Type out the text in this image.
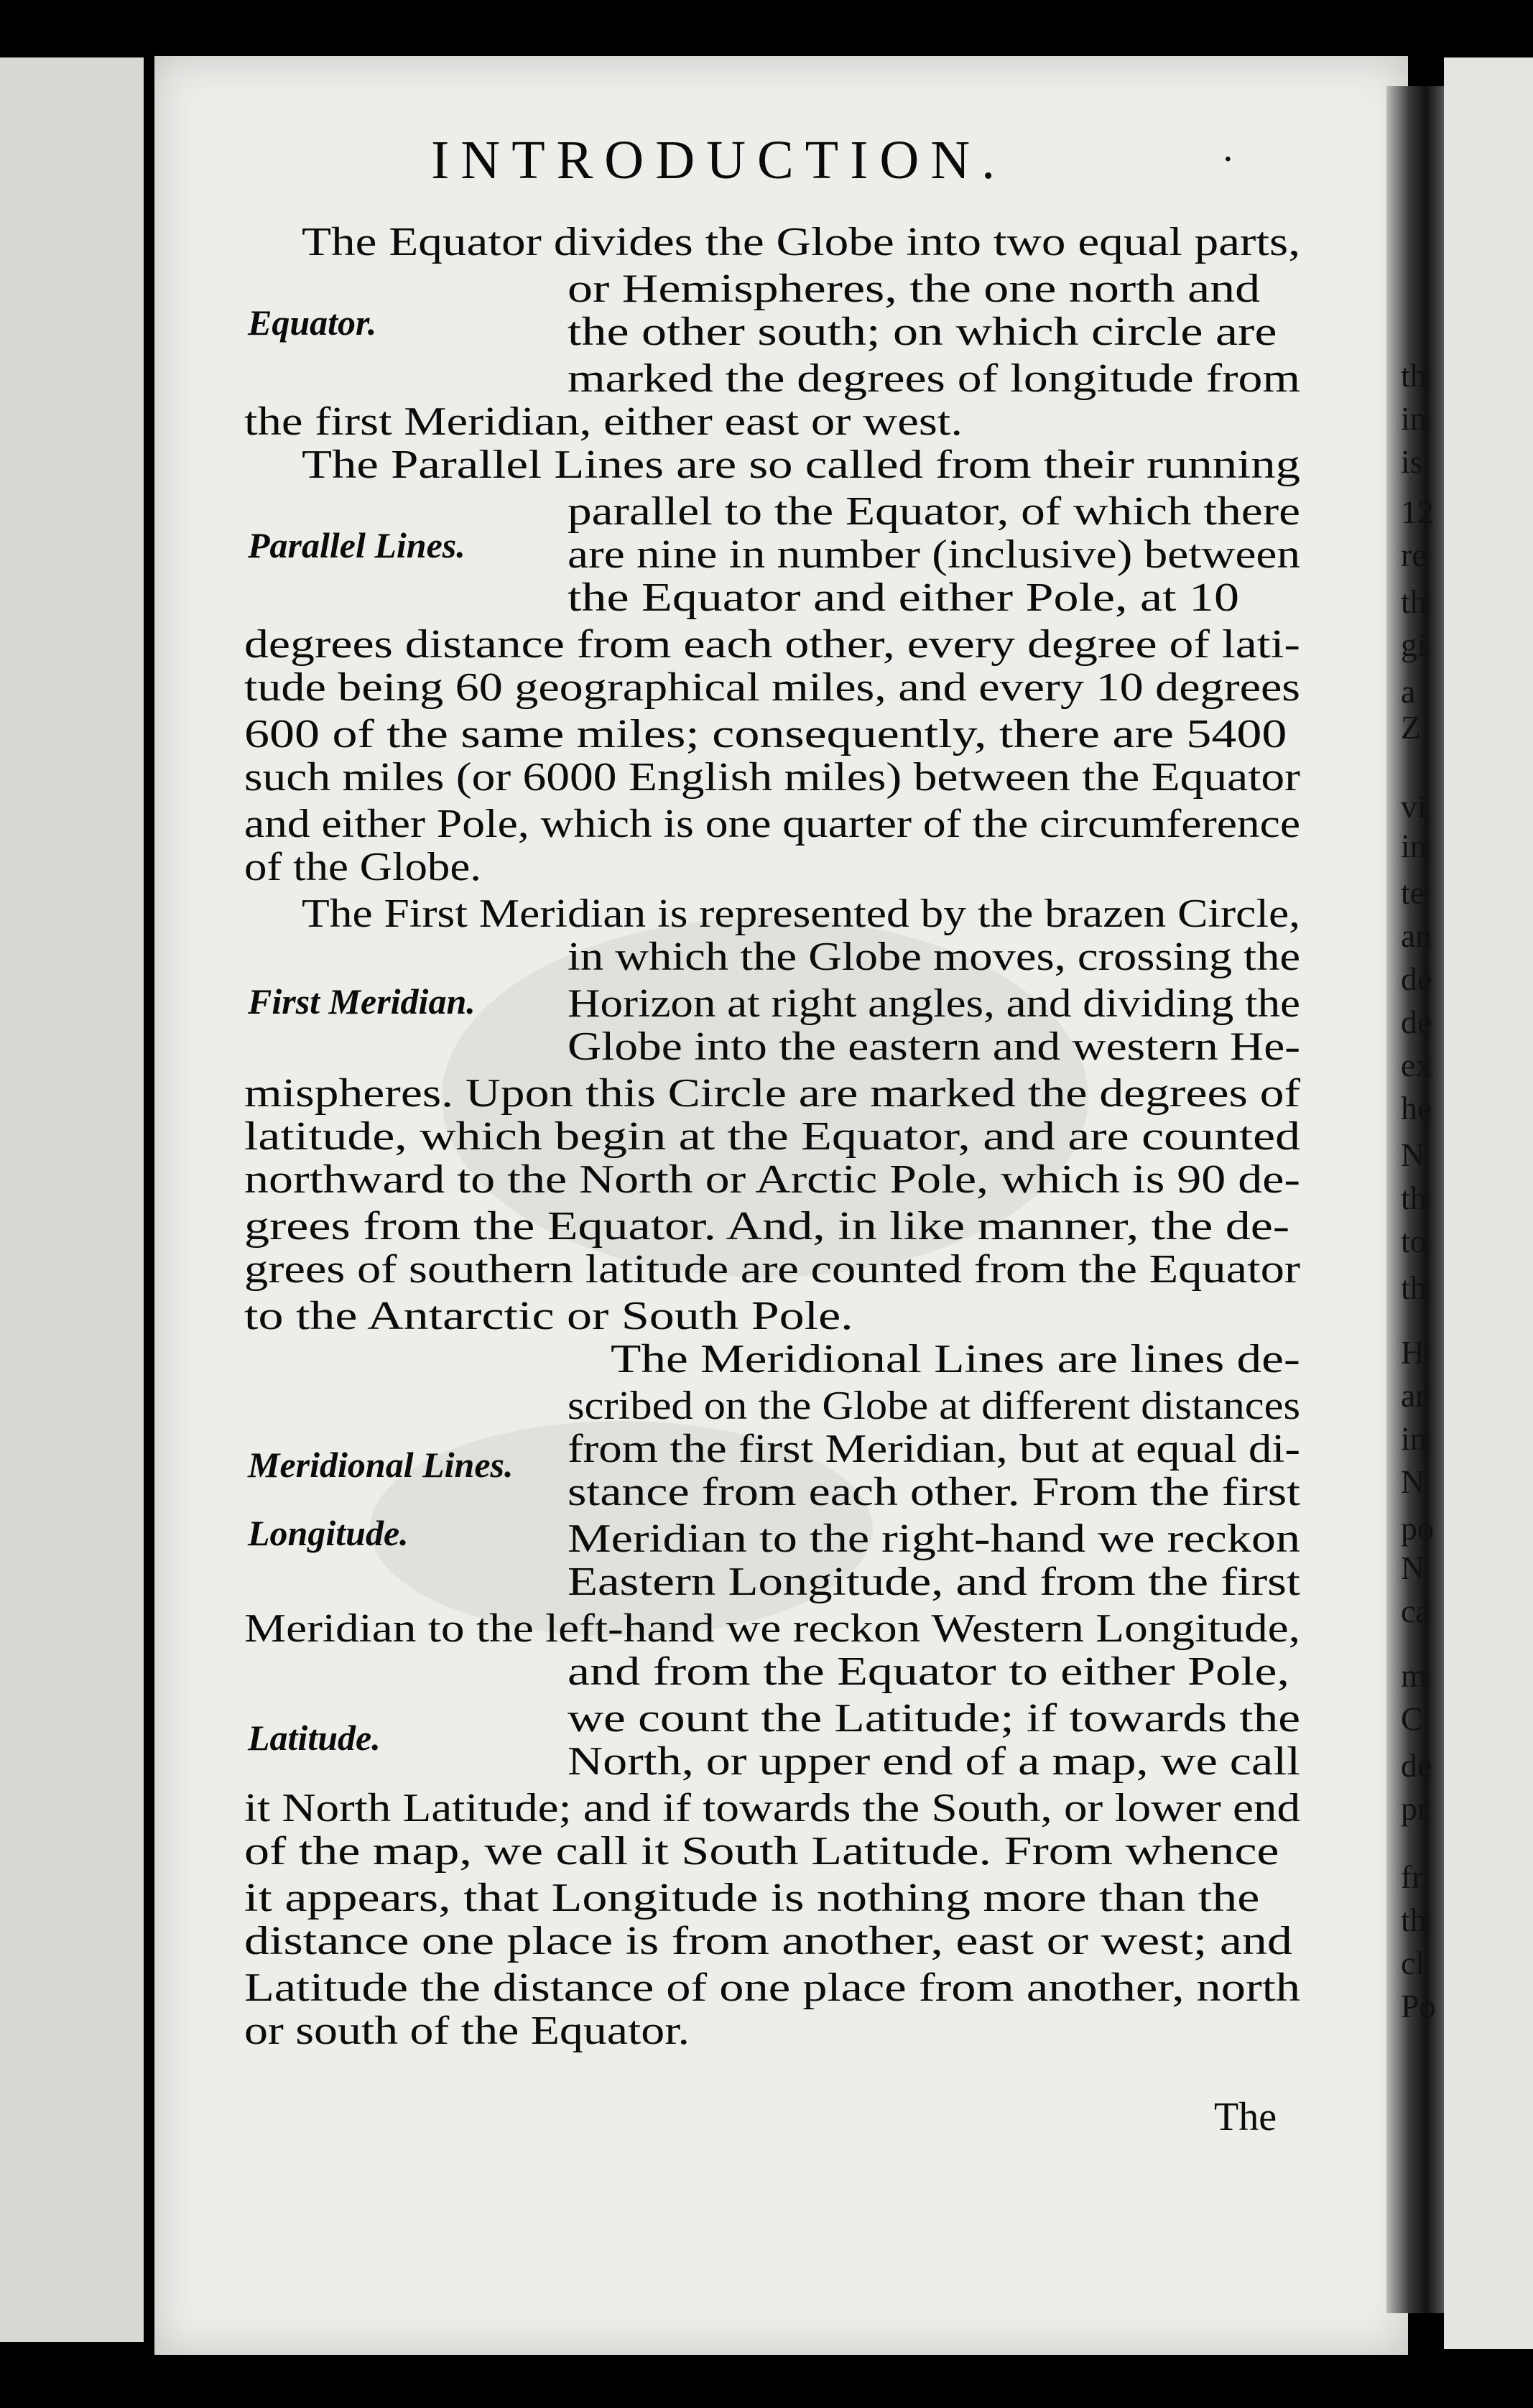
th
in
is
12
re
th
gi
a
Z
vi
in
te
an
de
de
ex
he
N
th
to
th
H
ar
in
N
po
N
ca
m
C
de
pr
fr
th
cl
Po
INTRODUCTION.	·
Equator.
Parallel Lines.
First Meridian.
Meridional Lines.
Longitude.
Latitude.
The Equator divides the Globe into two equal parts,
or Hemispheres, the one north and
the other south; on which circle are
marked the degrees of longitude from
the first Meridian, either east or west.
The Parallel Lines are so called from their running
parallel to the Equator, of which there
are nine in number (inclusive) between
the Equator and either Pole, at 10
degrees distance from each other, every degree of lati-
tude being 60 geographical miles, and every 10 degrees
600 of the same miles; consequently, there are 5400
such miles (or 6000 English miles) between the Equator
and either Pole, which is one quarter of the circumference
of the Globe.
The First Meridian is represented by the brazen Circle,
in which the Globe moves, crossing the
Horizon at right angles, and dividing the
Globe into the eastern and western He-
mispheres. Upon this Circle are marked the degrees of
latitude, which begin at the Equator, and are counted
northward to the North or Arctic Pole, which is 90 de-
grees from the Equator. And, in like manner, the de-
grees of southern latitude are counted from the Equator
to the Antarctic or South Pole.
The Meridional Lines are lines de-
scribed on the Globe at different distances
from the first Meridian, but at equal di-
stance from each other. From the first
Meridian to the right-hand we reckon
Eastern Longitude, and from the first
Meridian to the left-hand we reckon Western Longitude,
and from the Equator to either Pole,
we count the Latitude; if towards the
North, or upper end of a map, we call
it North Latitude; and if towards the South, or lower end
of the map, we call it South Latitude. From whence
it appears, that Longitude is nothing more than the
distance one place is from another, east or west; and
Latitude the distance of one place from another, north
or south of the Equator.
The
